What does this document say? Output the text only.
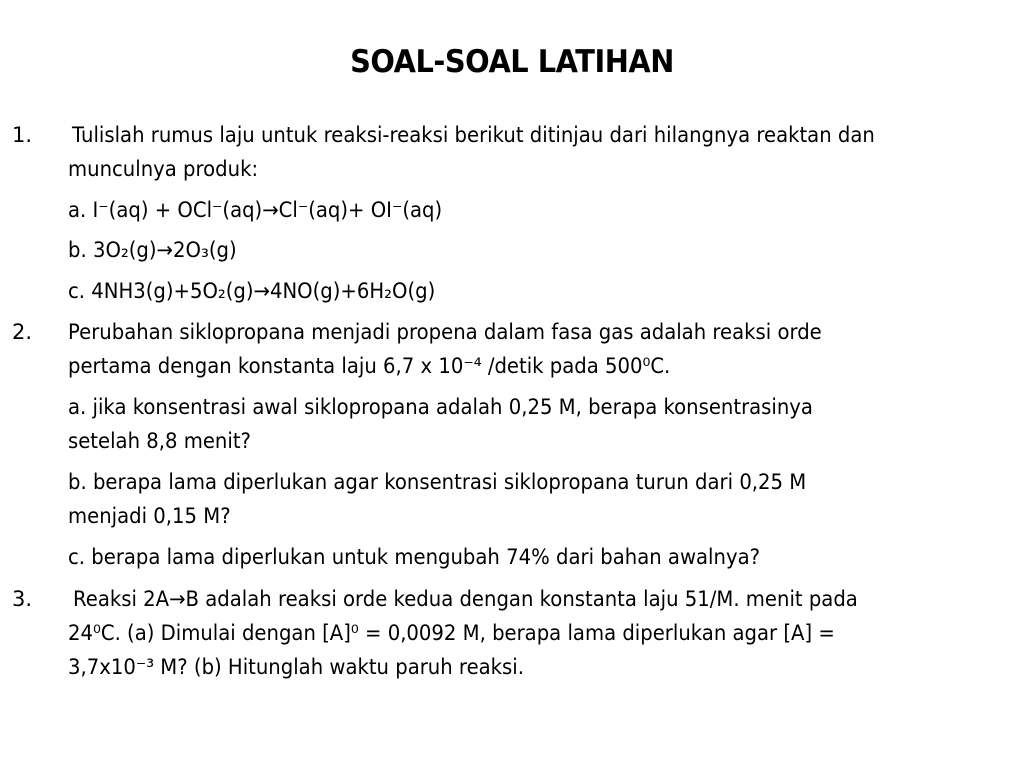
SOAL-SOAL LATIHAN
1. Tulislah rumus laju untuk reaksi-reaksi berikut ditinjau dari hilangnya reaktan dan
munculnya produk:
a. I⁻(aq) + OCl⁻(aq)→Cl⁻(aq)+ OI⁻(aq)
b. 3O₂(g)→2O₃(g)
c. 4NH3(g)+5O₂(g)→4NO(g)+6H₂O(g)
2. Perubahan siklopropana menjadi propena dalam fasa gas adalah reaksi orde
pertama dengan konstanta laju 6,7 x 10⁻⁴ /detik pada 500⁰C.
a. jika konsentrasi awal siklopropana adalah 0,25 M, berapa konsentrasinya
setelah 8,8 menit?
b. berapa lama diperlukan agar konsentrasi siklopropana turun dari 0,25 M
menjadi 0,15 M?
c. berapa lama diperlukan untuk mengubah 74% dari bahan awalnya?
3. Reaksi 2A→B adalah reaksi orde kedua dengan konstanta laju 51/M. menit pada
24⁰C. (a) Dimulai dengan [A]⁰ = 0,0092 M, berapa lama diperlukan agar [A] =
3,7x10⁻³ M? (b) Hitunglah waktu paruh reaksi.
